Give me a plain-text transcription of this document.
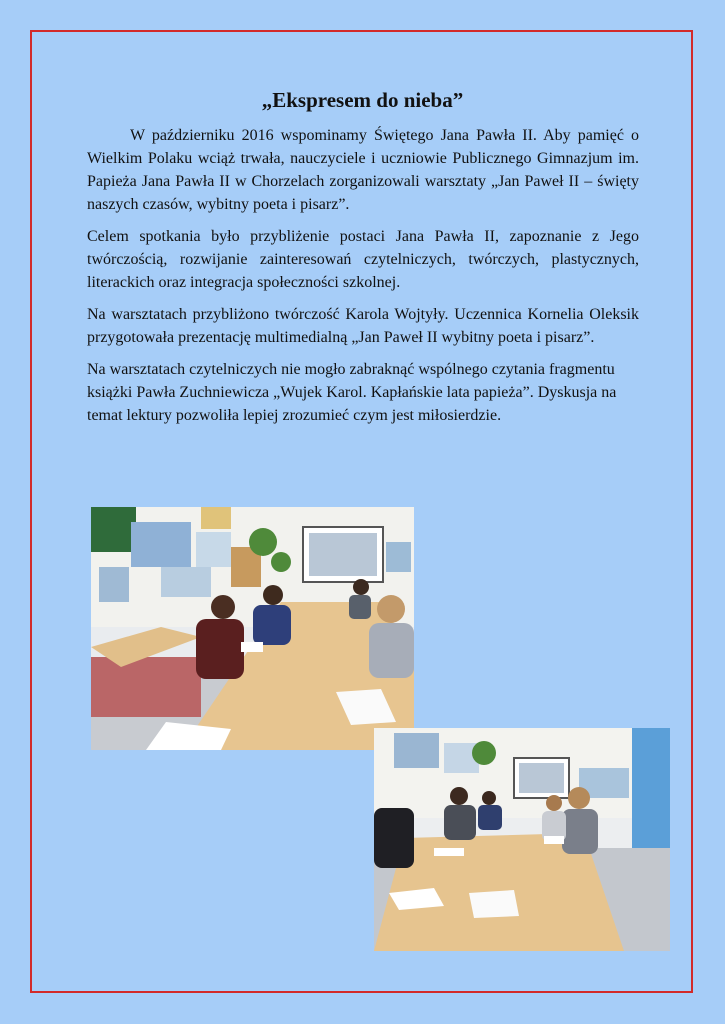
„Ekspresem do nieba”

W październiku 2016 wspominamy Świętego Jana Pawła II. Aby pamięć o Wielkim Polaku wciąż trwała, nauczyciele i uczniowie Publicznego Gimnazjum im. Papieża Jana Pawła II w Chorzelach zorganizowali warsztaty „Jan Paweł II – święty naszych czasów, wybitny poeta i pisarz”.

Celem spotkania było przybliżenie postaci Jana Pawła II, zapoznanie z Jego twórczością, rozwijanie zainteresowań czytelniczych, twórczych, plastycznych, literackich oraz integracja społeczności szkolnej.

Na warsztatach przybliżono twórczość Karola Wojtyły. Uczennica Kornelia Oleksik przygotowała prezentację multimedialną „Jan Paweł II wybitny poeta i pisarz”.

Na warsztatach czytelniczych nie mogło zabraknąć wspólnego czytania fragmentu książki Pawła Zuchniewicza „Wujek Karol. Kapłańskie lata papieża”. Dyskusja na temat lektury pozwoliła lepiej zrozumieć czym jest miłosierdzie.
